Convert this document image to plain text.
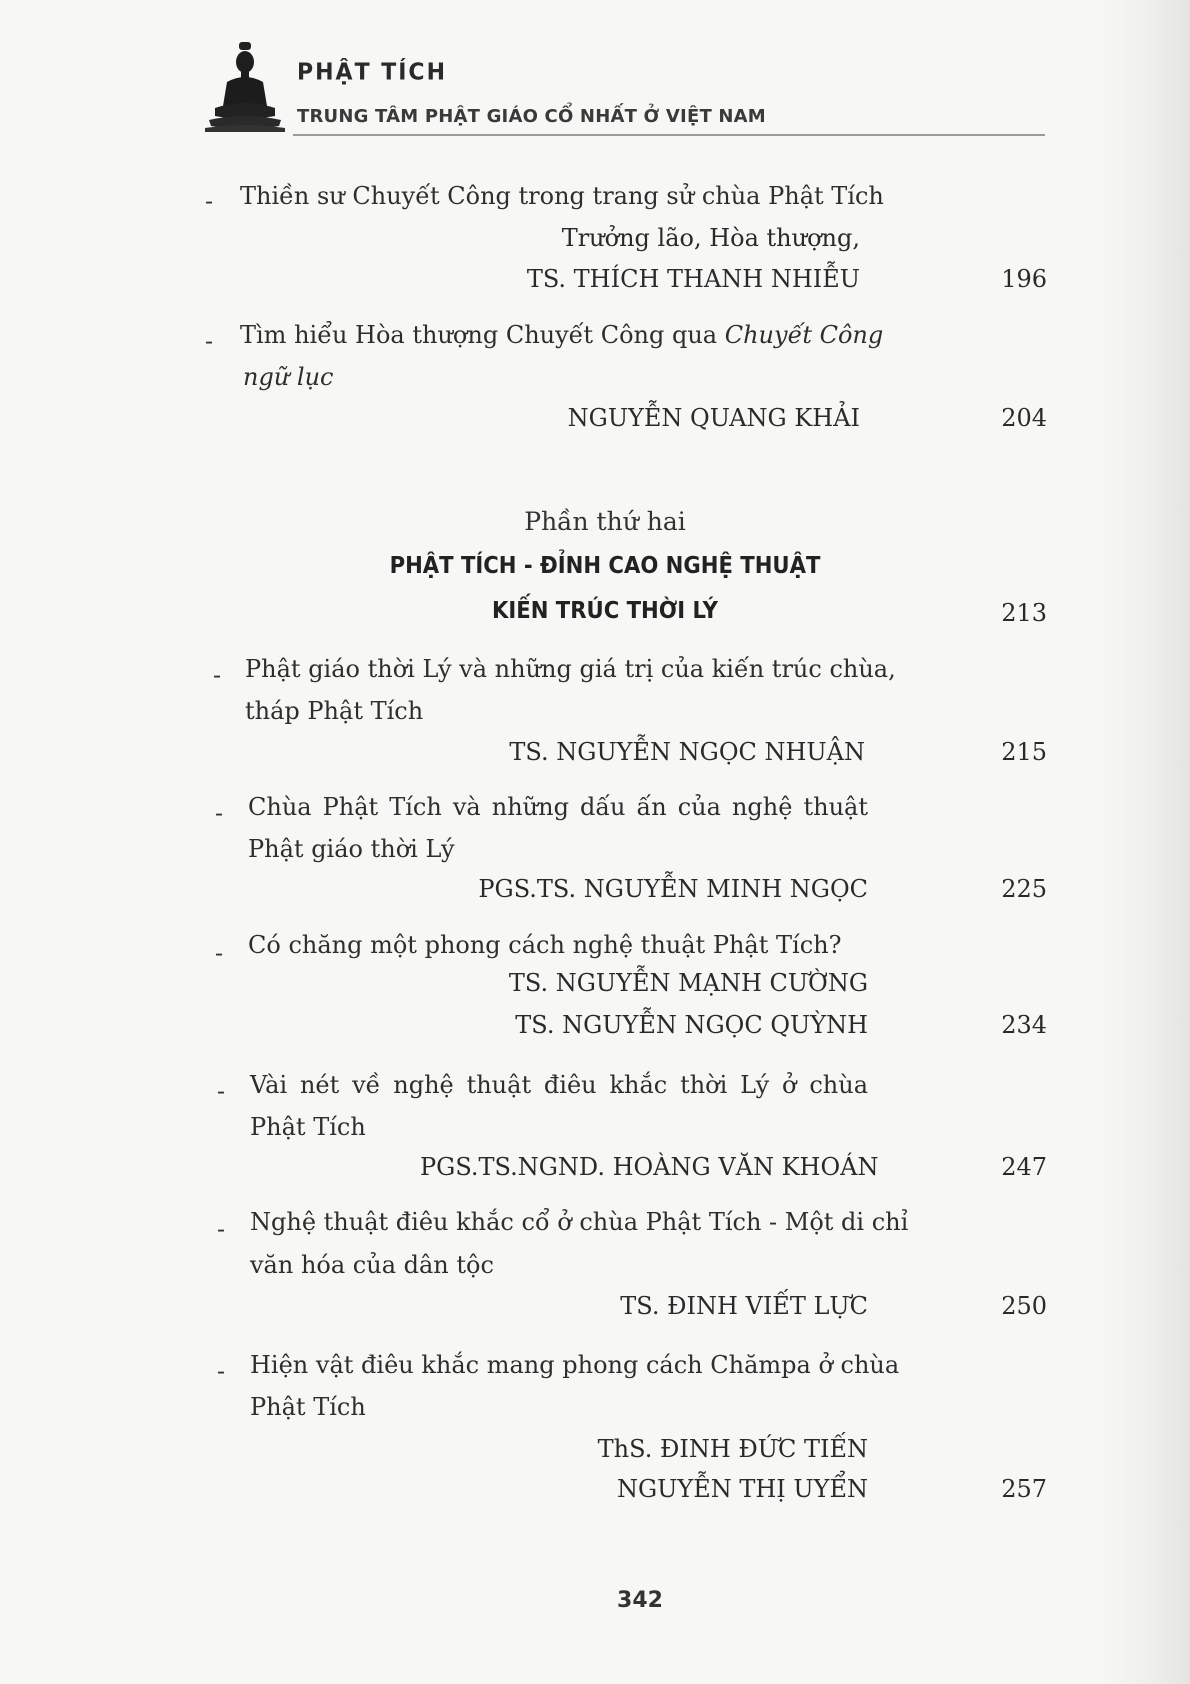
PHẬT TÍCH
TRUNG TÂM PHẬT GIÁO CỔ NHẤT Ở VIỆT NAM
- Thiền sư Chuyết Công trong trang sử chùa Phật Tích
Trưởng lão, Hòa thượng,
TS. THÍCH THANH NHIỄU	196
- Tìm hiểu Hòa thượng Chuyết Công qua Chuyết Công
ngữ lục
NGUYỄN QUANG KHẢI	204
Phần thứ hai
PHẬT TÍCH - ĐỈNH CAO NGHỆ THUẬT
KIẾN TRÚC THỜI LÝ	213
- Phật giáo thời Lý và những giá trị của kiến trúc chùa,
tháp Phật Tích
TS. NGUYỄN NGỌC NHUẬN	215
- Chùa Phật Tích và những dấu ấn của nghệ thuật
Phật giáo thời Lý
PGS.TS. NGUYỄN MINH NGỌC	225
- Có chăng một phong cách nghệ thuật Phật Tích?
TS. NGUYỄN MẠNH CƯỜNG
TS. NGUYỄN NGỌC QUỲNH	234
- Vài nét về nghệ thuật điêu khắc thời Lý ở chùa
Phật Tích
PGS.TS.NGND. HOÀNG VĂN KHOÁN	247
- Nghệ thuật điêu khắc cổ ở chùa Phật Tích - Một di chỉ
văn hóa của dân tộc
TS. ĐINH VIẾT LỰC	250
- Hiện vật điêu khắc mang phong cách Chămpa ở chùa
Phật Tích
ThS. ĐINH ĐỨC TIẾN
NGUYỄN THỊ UYỂN	257
342
